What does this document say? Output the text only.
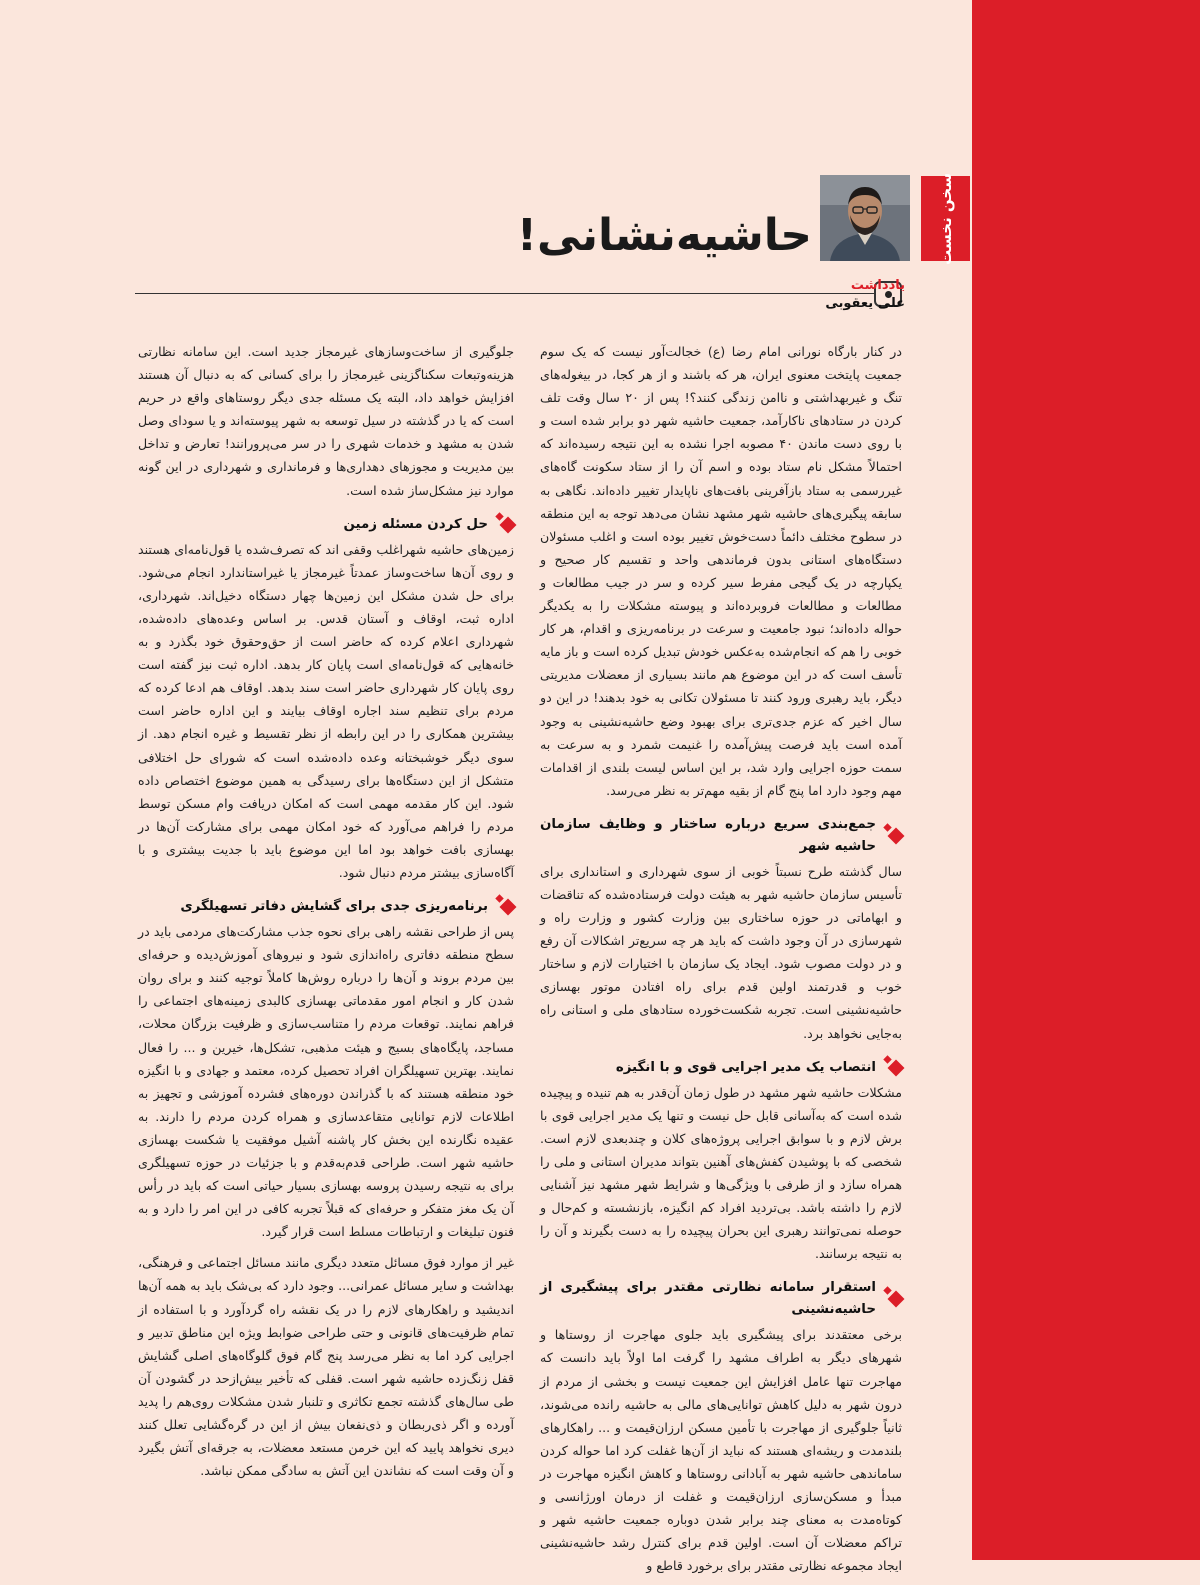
سخن نخست
حاشیه‌نشانی!
یادداشت
علی یعقوبی

در کنار بارگاه نورانی امام رضا (ع) خجالت‌آور نیست که یک سوم جمعیت پایتخت معنوی ایران، هر که باشند و از هر کجا، در بیغوله‌های تنگ و غیربهداشتی و ناامن زندگی کنند؟! پس از ۲۰ سال وقت تلف کردن در ستادهای ناکارآمد، جمعیت حاشیه شهر دو برابر شده است و با روی دست ماندن ۴۰ مصوبه اجرا نشده به این نتیجه رسیده‌اند که احتمالاً مشکل نام ستاد بوده و اسم آن را از ستاد سکونت گاه‌های غیررسمی به ستاد بازآفرینی بافت‌های ناپایدار تغییر داده‌اند. نگاهی به سابقه پیگیری‌های حاشیه شهر مشهد نشان می‌دهد توجه به این منطقه در سطوح مختلف دائماً دست‌خوش تغییر بوده است و اغلب مسئولان دستگاه‌های استانی بدون فرماندهی واحد و تقسیم کار صحیح و یکپارچه در یک گیجی مفرط سیر کرده و سر در جیب مطالعات و مطالعات و مطالعات فروبرده‌اند و پیوسته مشکلات را به یکدیگر حواله داده‌اند؛ نبود جامعیت و سرعت در برنامه‌ریزی و اقدام، هر کار خوبی را هم که انجام‌شده به‌عکس خودش تبدیل کرده است و باز مایه تأسف است که در این موضوع هم مانند بسیاری از معضلات مدیریتی دیگر، باید رهبری ورود کنند تا مسئولان تکانی به خود بدهند! در این دو سال اخیر که عزم جدی‌تری برای بهبود وضع حاشیه‌نشینی به وجود آمده است باید فرصت پیش‌آمده را غنیمت شمرد و به سرعت به سمت حوزه اجرایی وارد شد، بر این اساس لیست بلندی از اقدامات مهم وجود دارد اما پنج گام از بقیه مهم‌تر به نظر می‌رسد.

جمع‌بندی سریع درباره ساختار و وظایف سازمان حاشیه شهر

سال گذشته طرح نسبتاً خوبی از سوی شهرداری و استانداری برای تأسیس سازمان حاشیه شهر به هیئت دولت فرستاده‌شده که تناقضات و ابهاماتی در حوزه ساختاری بین وزارت کشور و وزارت راه و شهرسازی در آن وجود داشت که باید هر چه سریع‌تر اشکالات آن رفع و در دولت مصوب شود. ایجاد یک سازمان با اختیارات لازم و ساختار خوب و قدرتمند اولین قدم برای راه افتادن موتور بهسازی حاشیه‌نشینی است. تجربه شکست‌خورده ستادهای ملی و استانی راه به‌جایی نخواهد برد.

انتصاب یک مدیر اجرایی قوی و با انگیزه

مشکلات حاشیه شهر مشهد در طول زمان آن‌قدر به هم تنیده و پیچیده شده است که به‌آسانی قابل حل نیست و تنها یک مدیر اجرایی قوی با برش لازم و با سوابق اجرایی پروژه‌های کلان و چندبعدی لازم است. شخصی که با پوشیدن کفش‌های آهنین بتواند مدیران استانی و ملی را همراه سازد و از طرفی با ویژگی‌ها و شرایط شهر مشهد نیز آشنایی لازم را داشته باشد. بی‌تردید افراد کم انگیزه، بازنشسته و کم‌حال و حوصله نمی‌توانند رهبری این بحران پیچیده را به دست بگیرند و آن را به نتیجه برسانند.

استقرار سامانه نظارتی مقتدر برای پیشگیری از حاشیه‌نشینی

برخی معتقدند برای پیشگیری باید جلوی مهاجرت از روستاها و شهرهای دیگر به اطراف مشهد را گرفت اما اولاً باید دانست که مهاجرت تنها عامل افزایش این جمعیت نیست و بخشی از مردم از درون شهر به دلیل کاهش توانایی‌های مالی به حاشیه رانده می‌شوند، ثانیاً جلوگیری از مهاجرت با تأمین مسکن ارزان‌قیمت و ... راهکارهای بلندمدت و ریشه‌ای هستند که نباید از آن‌ها غفلت کرد اما حواله کردن ساماندهی حاشیه شهر به آبادانی روستاها و کاهش انگیزه مهاجرت در مبدأ و مسکن‌سازی ارزان‌قیمت و غفلت از درمان اورژانسی و کوتاه‌مدت به معنای چند برابر شدن دوباره جمعیت حاشیه شهر و تراکم معضلات آن است. اولین قدم برای کنترل رشد حاشیه‌نشینی ایجاد مجموعه نظارتی مقتدر برای برخورد قاطع و

جلوگیری از ساخت‌وسازهای غیرمجاز جدید است. این سامانه نظارتی هزینه‌وتبعات سکناگزینی غیرمجاز را برای کسانی که به دنبال آن هستند افزایش خواهد داد، البته یک مسئله جدی دیگر روستاهای واقع در حریم است که یا در گذشته در سیل توسعه به شهر پیوسته‌اند و یا سودای وصل شدن به مشهد و خدمات شهری را در سر می‌پرورانند! تعارض و تداخل بین مدیریت و مجوزهای دهداری‌ها و فرمانداری و شهرداری در این گونه موارد نیز مشکل‌ساز شده است.

حل کردن مسئله زمین

زمین‌های حاشیه شهراغلب وقفی اند که تصرف‌شده یا قول‌نامه‌ای هستند و روی آن‌ها ساخت‌وساز عمدتاً غیرمجاز یا غیراستاندارد انجام می‌شود. برای حل شدن مشکل این زمین‌ها چهار دستگاه دخیل‌اند. شهرداری، اداره ثبت، اوقاف و آستان قدس. بر اساس وعده‌های داده‌شده، شهرداری اعلام کرده که حاضر است از حق‌وحقوق خود بگذرد و به خانه‌هایی که قول‌نامه‌ای است پایان کار بدهد. اداره ثبت نیز گفته است روی پایان کار شهرداری حاضر است سند بدهد. اوقاف هم ادعا کرده که مردم برای تنظیم سند اجاره اوقاف بیایند و این اداره حاضر است بیشترین همکاری را در این رابطه از نظر تقسیط و غیره انجام دهد. از سوی دیگر خوشبختانه وعده داده‌شده است که شورای حل اختلافی متشکل از این دستگاه‌ها برای رسیدگی به همین موضوع اختصاص داده شود. این کار مقدمه مهمی است که امکان دریافت وام مسکن توسط مردم را فراهم می‌آورد که خود امکان مهمی برای مشارکت آن‌ها در بهسازی بافت خواهد بود اما این موضوع باید با جدیت بیشتری و با آگاه‌سازی بیشتر مردم دنبال شود.

برنامه‌ریزی جدی برای گشایش دفاتر تسهیلگری

پس از طراحی نقشه راهی برای نحوه جذب مشارکت‌های مردمی باید در سطح منطقه دفاتری راه‌اندازی شود و نیروهای آموزش‌دیده و حرفه‌ای بین مردم بروند و آن‌ها را درباره روش‌ها کاملاً توجیه کنند و برای روان شدن کار و انجام امور مقدماتی بهسازی کالبدی زمینه‌های اجتماعی را فراهم نمایند. توقعات مردم را متناسب‌سازی و ظرفیت بزرگان محلات، مساجد، پایگاه‌های بسیج و هیئت مذهبی، تشکل‌ها، خیرین و ... را فعال نمایند. بهترین تسهیلگران افراد تحصیل کرده، معتمد و جهادی و با انگیزه خود منطقه هستند که با گذراندن دوره‌های فشرده آموزشی و تجهیز به اطلاعات لازم توانایی متقاعدسازی و همراه کردن مردم را دارند. به عقیده نگارنده این بخش کار پاشنه آشیل موفقیت یا شکست بهسازی حاشیه شهر است. طراحی قدم‌به‌قدم و با جزئیات در حوزه تسهیلگری برای به نتیجه رسیدن پروسه بهسازی بسیار حیاتی است که باید در رأس آن یک مغز متفکر و حرفه‌ای که قبلاً تجربه کافی در این امر را دارد و به فنون تبلیغات و ارتباطات مسلط است قرار گیرد.

غیر از موارد فوق مسائل متعدد دیگری مانند مسائل اجتماعی و فرهنگی، بهداشت و سایر مسائل عمرانی... وجود دارد که بی‌شک باید به همه آن‌ها اندیشید و راهکارهای لازم را در یک نقشه راه گردآورد و با استفاده از تمام ظرفیت‌های قانونی و حتی طراحی ضوابط ویژه این مناطق تدبیر و اجرایی کرد اما به نظر می‌رسد پنج گام فوق گلوگاه‌های اصلی گشایش قفل زنگ‌زده حاشیه شهر است. قفلی که تأخیر بیش‌ازحد در گشودن آن طی سال‌های گذشته تجمع تکاثری و تلنبار شدن مشکلات روی‌هم را پدید آورده و اگر ذی‌ربطان و ذی‌نفعان بیش از این در گره‌گشایی تعلل کنند دیری نخواهد پایید که این خرمن مستعد معضلات، به جرقه‌ای آتش بگیرد و آن وقت است که نشاندن این آتش به سادگی ممکن نباشد.
